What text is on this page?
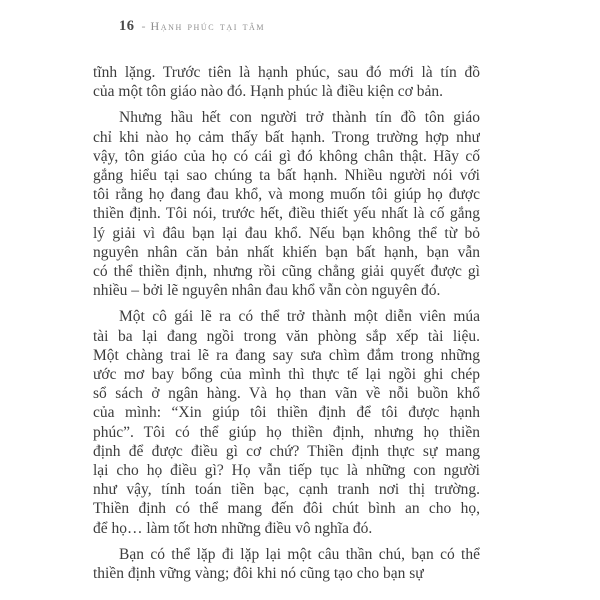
16 - Hạnh phúc tại tâm
tĩnh lặng. Trước tiên là hạnh phúc, sau đó mới là tín đồ
của một tôn giáo nào đó. Hạnh phúc là điều kiện cơ bản.
Nhưng hầu hết con người trở thành tín đồ tôn giáo
chỉ khi nào họ cảm thấy bất hạnh. Trong trường hợp như
vậy, tôn giáo của họ có cái gì đó không chân thật. Hãy cố
gắng hiểu tại sao chúng ta bất hạnh. Nhiều người nói với
tôi rằng họ đang đau khổ, và mong muốn tôi giúp họ được
thiền định. Tôi nói, trước hết, điều thiết yếu nhất là cố gắng
lý giải vì đâu bạn lại đau khổ. Nếu bạn không thể từ bỏ
nguyên nhân căn bản nhất khiến bạn bất hạnh, bạn vẫn
có thể thiền định, nhưng rồi cũng chẳng giải quyết được gì
nhiều – bởi lẽ nguyên nhân đau khổ vẫn còn nguyên đó.
Một cô gái lẽ ra có thể trở thành một diễn viên múa
tài ba lại đang ngồi trong văn phòng sắp xếp tài liệu.
Một chàng trai lẽ ra đang say sưa chìm đắm trong những
ước mơ bay bổng của mình thì thực tế lại ngồi ghi chép
sổ sách ở ngân hàng. Và họ than vãn về nỗi buồn khổ
của mình: “Xin giúp tôi thiền định để tôi được hạnh
phúc”. Tôi có thể giúp họ thiền định, nhưng họ thiền
định để được điều gì cơ chứ? Thiền định thực sự mang
lại cho họ điều gì? Họ vẫn tiếp tục là những con người
như vậy, tính toán tiền bạc, cạnh tranh nơi thị trường.
Thiền định có thể mang đến đôi chút bình an cho họ,
để họ… làm tốt hơn những điều vô nghĩa đó.
Bạn có thể lặp đi lặp lại một câu thần chú, bạn có thể
thiền định vững vàng; đôi khi nó cũng tạo cho bạn sự
